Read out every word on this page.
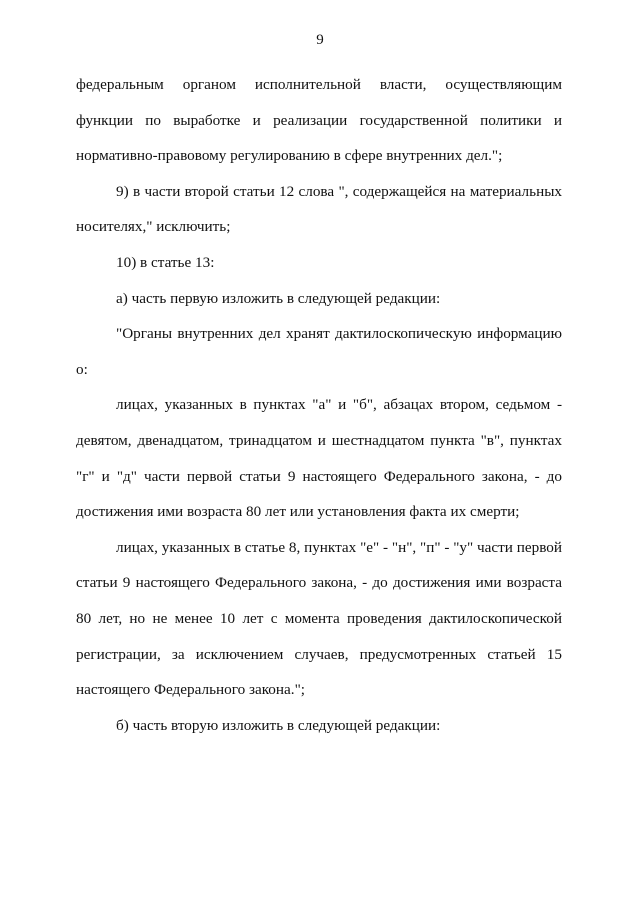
9

федеральным органом исполнительной власти, осуществляющим функции по выработке и реализации государственной политики и нормативно-правовому регулированию в сфере внутренних дел.";

9) в части второй статьи 12 слова ", содержащейся на материальных носителях," исключить;

10) в статье 13:

а) часть первую изложить в следующей редакции:

"Органы внутренних дел хранят дактилоскопическую информацию о:

лицах, указанных в пунктах "а" и "б", абзацах втором, седьмом - девятом, двенадцатом, тринадцатом и шестнадцатом пункта "в", пунктах "г" и "д" части первой статьи 9 настоящего Федерального закона, - до достижения ими возраста 80 лет или установления факта их смерти;

лицах, указанных в статье 8, пунктах "е" - "н", "п" - "у" части первой статьи 9 настоящего Федерального закона, - до достижения ими возраста 80 лет, но не менее 10 лет с момента проведения дактилоскопической регистрации, за исключением случаев, предусмотренных статьей 15 настоящего Федерального закона.";

б) часть вторую изложить в следующей редакции:
